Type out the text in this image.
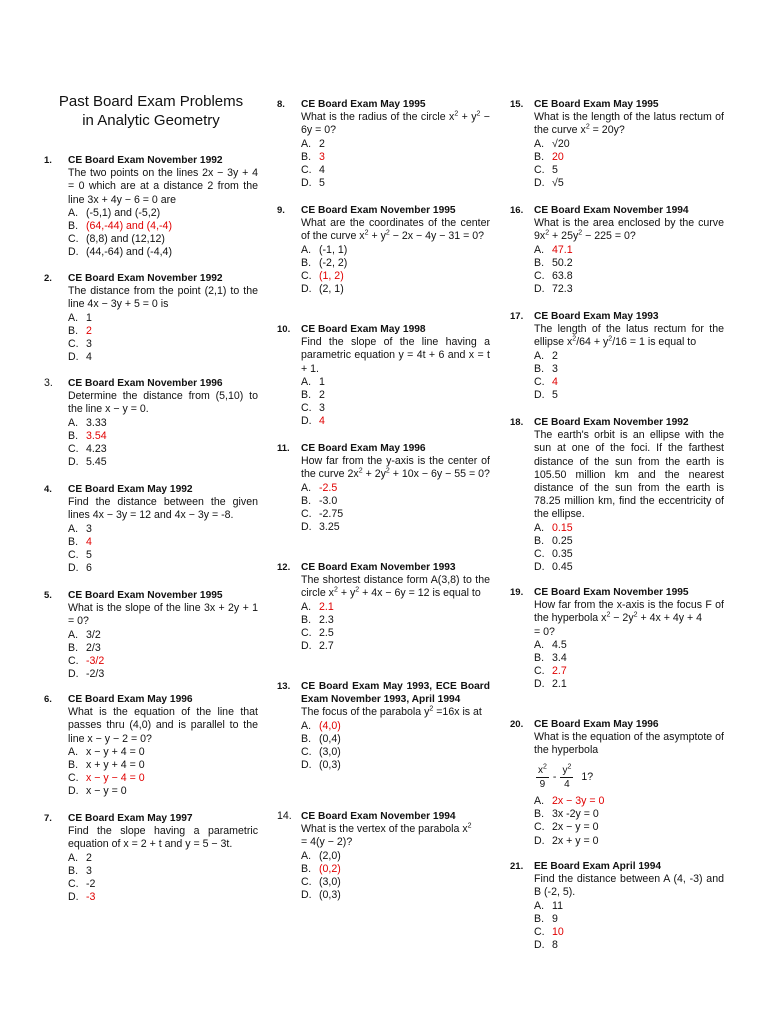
Past Board Exam Problems
in Analytic Geometry
1. CE Board Exam November 1992
The two points on the lines 2x − 3y + 4 = 0 which are at a distance 2 from the line 3x + 4y − 6 = 0 are
A. (-5,1) and (-5,2)
B. (64,-44) and (4,-4)
C. (8,8) and (12,12)
D. (44,-64) and (-4,4)
2. CE Board Exam November 1992
The distance from the point (2,1) to the line 4x − 3y + 5 = 0 is
A. 1
B. 2
C. 3
D. 4
3. CE Board Exam November 1996
Determine the distance from (5,10) to the line x − y = 0.
A. 3.33
B. 3.54
C. 4.23
D. 5.45
4. CE Board Exam May 1992
Find the distance between the given lines 4x − 3y = 12 and 4x − 3y = -8.
A. 3
B. 4
C. 5
D. 6
5. CE Board Exam November 1995
What is the slope of the line 3x + 2y + 1 = 0?
A. 3/2
B. 2/3
C. -3/2
D. -2/3
6. CE Board Exam May 1996
What is the equation of the line that passes thru (4,0) and is parallel to the line x − y − 2 = 0?
A. x − y + 4 = 0
B. x + y + 4 = 0
C. x − y − 4 = 0
D. x − y = 0
7. CE Board Exam May 1997
Find the slope having a parametric equation of x = 2 + t and y = 5 − 3t.
A. 2
B. 3
C. -2
D. -3
8. CE Board Exam May 1995
What is the radius of the circle $x^2 + y^2 - 6y = 0$?
A. 2
B. 3
C. 4
D. 5
9. CE Board Exam November 1995
What are the coordinates of the center of the curve $x^2 + y^2 - 2x - 4y - 31 = 0$?
A. (-1, 1)
B. (-2, 2)
C. (1, 2)
D. (2, 1)
10. CE Board Exam May 1998
Find the slope of the line having a parametric equation y = 4t + 6 and x = t + 1.
A. 1
B. 2
C. 3
D. 4
11. CE Board Exam May 1996
How far from the y-axis is the center of the curve $2x^2 + 2y^2 + 10x - 6y - 55 = 0$?
A. -2.5
B. -3.0
C. -2.75
D. 3.25
12. CE Board Exam November 1993
The shortest distance form A(3,8) to the circle $x^2 + y^2 + 4x - 6y = 12$ is equal to
A. 2.1
B. 2.3
C. 2.5
D. 2.7
13. CE Board Exam May 1993, ECE Board Exam November 1993, April 1994
The focus of the parabola $y^2 =16x$ is at
A. (4,0)
B. (0,4)
C. (3,0)
D. (0,3)
14. CE Board Exam November 1994
What is the vertex of the parabola $x^2$
= 4(y − 2)?
A. (2,0)
B. (0,2)
C. (3,0)
D. (0,3)
15. CE Board Exam May 1995
What is the length of the latus rectum of the curve $x^2 = 20y$?
A. √20
B. 20
C. 5
D. √5
16. CE Board Exam November 1994
What is the area enclosed by the curve $9x^2 + 25y^2 - 225 = 0$?
A. 47.1
B. 50.2
C. 63.8
D. 72.3
17. CE Board Exam May 1993
The length of the latus rectum for the ellipse $x^2/64 + y^2/16 = 1$ is equal to
A. 2
B. 3
C. 4
D. 5
18. CE Board Exam November 1992
The earth's orbit is an ellipse with the sun at one of the foci. If the farthest distance of the sun from the earth is 105.50 million km and the nearest distance of the sun from the earth is 78.25 million km, find the eccentricity of the ellipse.
A. 0.15
B. 0.25
C. 0.35
D. 0.45
19. CE Board Exam November 1995
How far from the x-axis is the focus F of the hyperbola $x^2 - 2y^2 + 4x + 4y + 4$
= 0?
A. 4.5
B. 3.4
C. 2.7
D. 2.1
20. CE Board Exam May 1996
What is the equation of the asymptote of the hyperbola
$\frac{x^2}{9} - \frac{y^2}{4} 1$?
A. 2x − 3y = 0
B. 3x -2y = 0
C. 2x − y = 0
D. 2x + y = 0
21. EE Board Exam April 1994
Find the distance between A (4, -3) and B (-2, 5).
A. 11
B. 9
C. 10
D. 8
